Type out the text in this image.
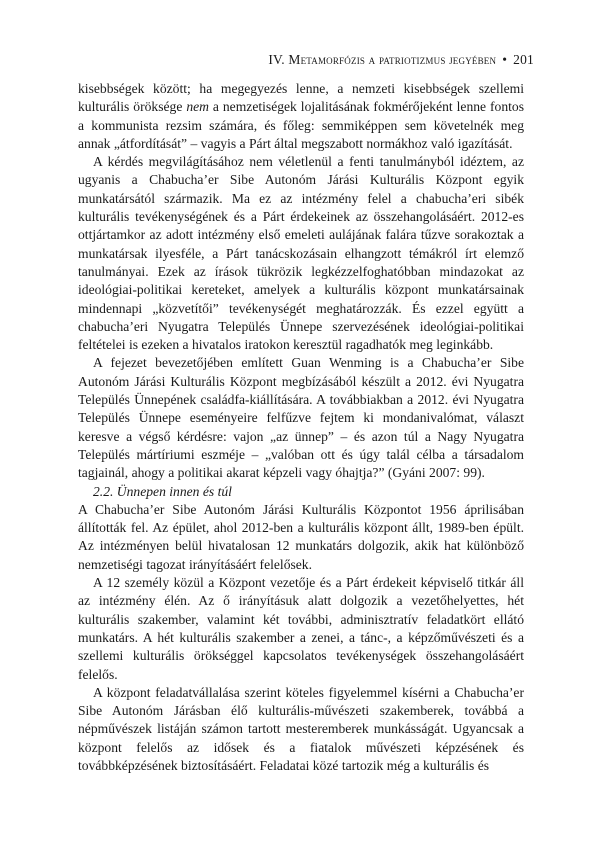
IV. Metamorfózis a patriotizmus jegyében • 201

kisebbségek között; ha megegyezés lenne, a nemzeti kisebbségek szellemi kulturális öröksége nem a nemzetiségek lojalitásának fokmérőjeként lenne fontos a kommunista rezsim számára, és főleg: semmiképpen sem követelnék meg annak „átfordítását” – vagyis a Párt által megszabott normákhoz való igazítását.

A kérdés megvilágításához nem véletlenül a fenti tanulmányból idéztem, az ugyanis a Chabucha’er Sibe Autonóm Járási Kulturális Központ egyik munkatársától származik. Ma ez az intézmény felel a chabucha’eri sibék kulturális tevékenységének és a Párt érdekeinek az összehangolásáért. 2012-es ottjártamkor az adott intézmény első emeleti aulájának falára tűzve sorakoztak a munkatársak ilyesféle, a Párt tanácskozásain elhangzott témákról írt elemző tanulmányai. Ezek az írások tükrözik legkézzelfoghatóbban mindazokat az ideológiai-politikai kereteket, amelyek a kulturális központ munkatársainak mindennapi „közvetítői” tevékenységét meghatározzák. És ezzel együtt a chabucha’eri Nyugatra Település Ünnepe szervezésének ideológiai-politikai feltételei is ezeken a hivatalos iratokon keresztül ragadhatók meg leginkább.

A fejezet bevezetőjében említett Guan Wenming is a Chabucha’er Sibe Autonóm Járási Kulturális Központ megbízásából készült a 2012. évi Nyugatra Település Ünnepének családfa-kiállítására. A továbbiakban a 2012. évi Nyugatra Település Ünnepe eseményeire felfűzve fejtem ki mondanivalómat, választ keresve a végső kérdésre: vajon „az ünnep” – és azon túl a Nagy Nyugatra Település mártíriumi eszméje – „valóban ott és úgy talál célba a társadalom tagjainál, ahogy a politikai akarat képzeli vagy óhajtja?” (Gyáni 2007: 99).

2.2. Ünnepen innen és túl

A Chabucha’er Sibe Autonóm Járási Kulturális Központot 1956 áprilisában állították fel. Az épület, ahol 2012-ben a kulturális központ állt, 1989-ben épült. Az intézményen belül hivatalosan 12 munkatárs dolgozik, akik hat különböző nemzetiségi tagozat irányításáért felelősek.

A 12 személy közül a Központ vezetője és a Párt érdekeit képviselő titkár áll az intézmény élén. Az ő irányításuk alatt dolgozik a vezetőhelyettes, hét kulturális szakember, valamint két további, adminisztratív feladatkört ellátó munkatárs. A hét kulturális szakember a zenei, a tánc-, a képzőművészeti és a szellemi kulturális örökséggel kapcsolatos tevékenységek összehangolásáért felelős.

A központ feladatvállalása szerint köteles figyelemmel kísérni a Chabucha’er Sibe Autonóm Járásban élő kulturális-művészeti szakemberek, továbbá a népművészek listáján számon tartott mesteremberek munkásságát. Ugyancsak a központ felelős az idősek és a fiatalok művészeti képzésének és továbbképzésének biztosításáért. Feladatai közé tartozik még a kulturális és
